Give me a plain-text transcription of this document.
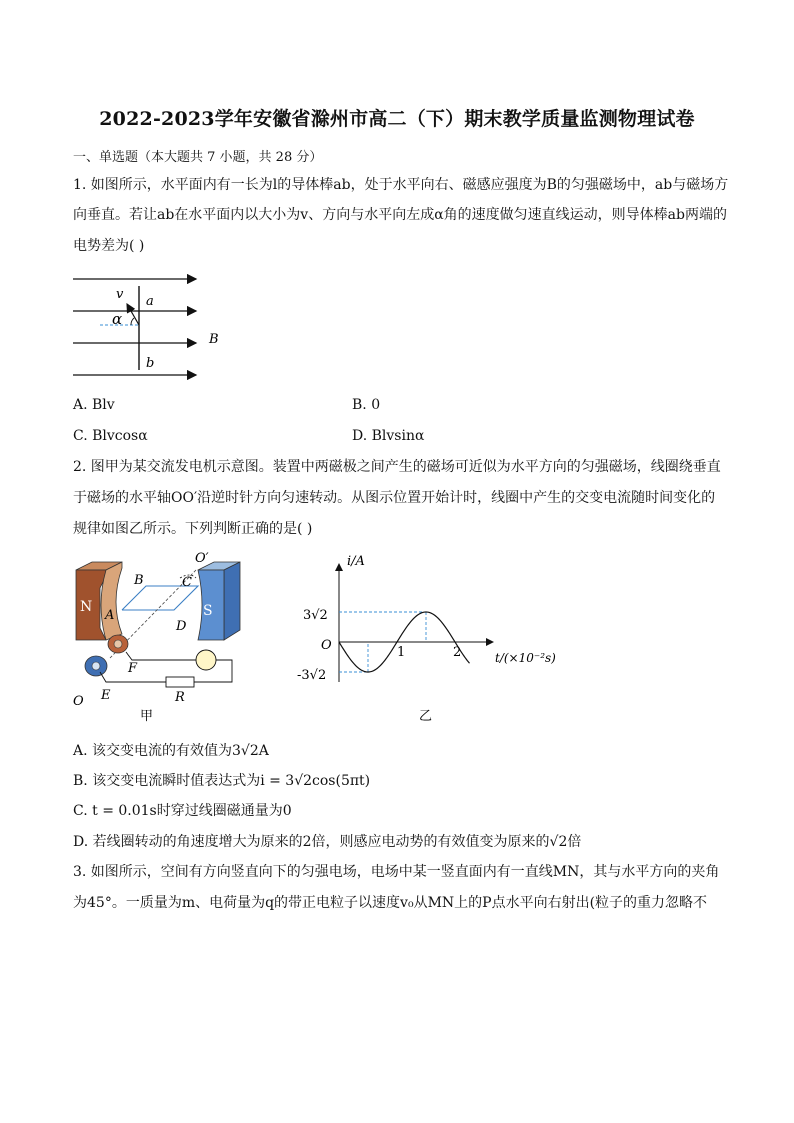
2022-2023学年安徽省滁州市高二（下）期末教学质量监测物理试卷
一、单选题（本大题共 7 小题，共 28 分）
1. 如图所示，水平面内有一长为l的导体棒ab，处于水平向右、磁感应强度为B的匀强磁场中，ab与磁场方
向垂直。若让ab在水平面内以大小为v、方向与水平向左成α角的速度做匀速直线运动，则导体棒ab两端的
电势差为( )
v
α
a
b
B
A. Blv	B. 0
C. Blvcosα	D. Blvsinα
2. 图甲为某交流发电机示意图。装置中两磁极之间产生的磁场可近似为水平方向的匀强磁场，线圈绕垂直
于磁场的水平轴OO′沿逆时针方向匀速转动。从图示位置开始计时，线圈中产生的交变电流随时间变化的
规律如图乙所示。下列判断正确的是( )
N	S
O′
B	C
A
D
F
E	R
O
甲
i/A
t/(×10⁻²s)
O
3√2
-3√2
1	2
乙
A. 该交变电流的有效值为3√2A
B. 该交变电流瞬时值表达式为i = 3√2cos(5πt)
C. t = 0.01s时穿过线圈磁通量为0
D. 若线圈转动的角速度增大为原来的2倍，则感应电动势的有效值变为原来的√2倍
3. 如图所示，空间有方向竖直向下的匀强电场，电场中某一竖直面内有一直线MN，其与水平方向的夹角
为45°。一质量为m、电荷量为q的带正电粒子以速度v₀从MN上的P点水平向右射出(粒子的重力忽略不
